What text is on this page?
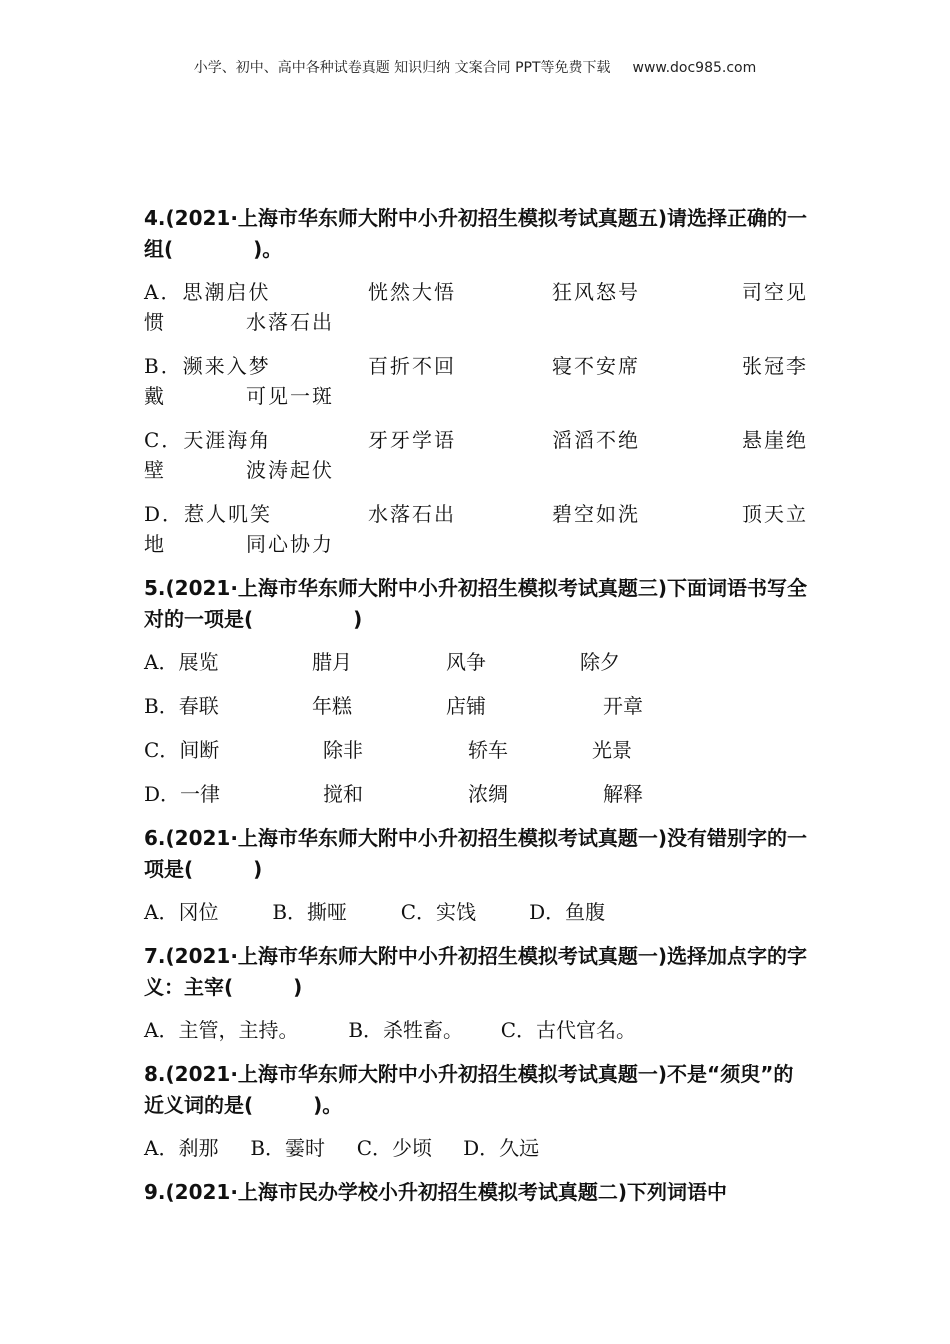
小学、初中、高中各种试卷真题 知识归纳 文案合同 PPT等免费下载 www.doc985.com

4.(2021·上海市华东师大附中小升初招生模拟考试真题五)请选择正确的一组(　　　　)。

A．思潮启伏	恍然大悟	狂风怒号	司空见
惯	水落石出
B．濒来入梦	百折不回	寝不安席	张冠李
戴	可见一斑
C．天涯海角	牙牙学语	滔滔不绝	悬崖绝
壁	波涛起伏
D．惹人叽笑	水落石出	碧空如洗	顶天立
地	同心协力

5.(2021·上海市华东师大附中小升初招生模拟考试真题三)下面词语书写全对的一项是(　　　　　)

A．展览	腊月	风争	除夕
B．春联	年糕	店铺	开章
C．间断	除非	轿车	光景
D．一律	搅和	浓绸	解释

6.(2021·上海市华东师大附中小升初招生模拟考试真题一)没有错别字的一项是(　　　)

A．冈位	B．撕哑	C．实饯	D．鱼腹

7.(2021·上海市华东师大附中小升初招生模拟考试真题一)选择加点字的字义：主宰(　　　)

A．主管，主持。 B．杀牲畜。 C．古代官名。

8.(2021·上海市华东师大附中小升初招生模拟考试真题一)不是“须臾”的近义词的是(　　　)。

A．刹那 B．霎时 C．少顷 D．久远

9.(2021·上海市民办学校小升初招生模拟考试真题二)下列词语中
